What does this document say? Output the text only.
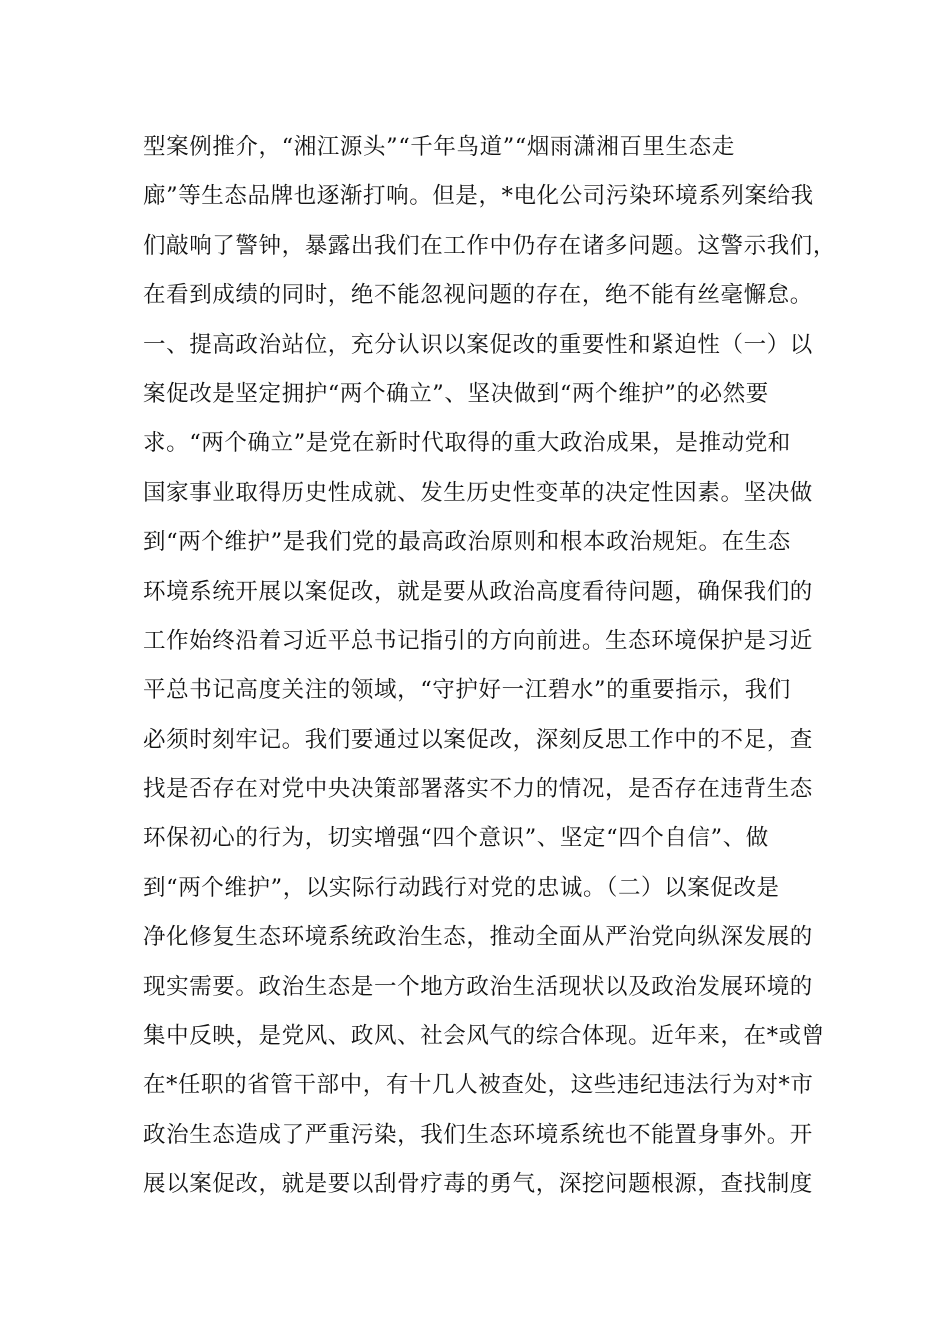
型案例推介，“湘江源头”“千年鸟道”“烟雨潇湘百里生态走
廊”等生态品牌也逐渐打响。但是，*电化公司污染环境系列案给我
们敲响了警钟，暴露出我们在工作中仍存在诸多问题。这警示我们，
在看到成绩的同时，绝不能忽视问题的存在，绝不能有丝毫懈怠。
一、提高政治站位，充分认识以案促改的重要性和紧迫性（一）以
案促改是坚定拥护“两个确立”、坚决做到“两个维护”的必然要
求。“两个确立”是党在新时代取得的重大政治成果，是推动党和
国家事业取得历史性成就、发生历史性变革的决定性因素。坚决做
到“两个维护”是我们党的最高政治原则和根本政治规矩。在生态
环境系统开展以案促改，就是要从政治高度看待问题，确保我们的
工作始终沿着习近平总书记指引的方向前进。生态环境保护是习近
平总书记高度关注的领域，“守护好一江碧水”的重要指示，我们
必须时刻牢记。我们要通过以案促改，深刻反思工作中的不足，查
找是否存在对党中央决策部署落实不力的情况，是否存在违背生态
环保初心的行为，切实增强“四个意识”、坚定“四个自信”、做
到“两个维护”，以实际行动践行对党的忠诚。（二）以案促改是
净化修复生态环境系统政治生态，推动全面从严治党向纵深发展的
现实需要。政治生态是一个地方政治生活现状以及政治发展环境的
集中反映，是党风、政风、社会风气的综合体现。近年来，在*或曾
在*任职的省管干部中，有十几人被查处，这些违纪违法行为对*市
政治生态造成了严重污染，我们生态环境系统也不能置身事外。开
展以案促改，就是要以刮骨疗毒的勇气，深挖问题根源，查找制度
